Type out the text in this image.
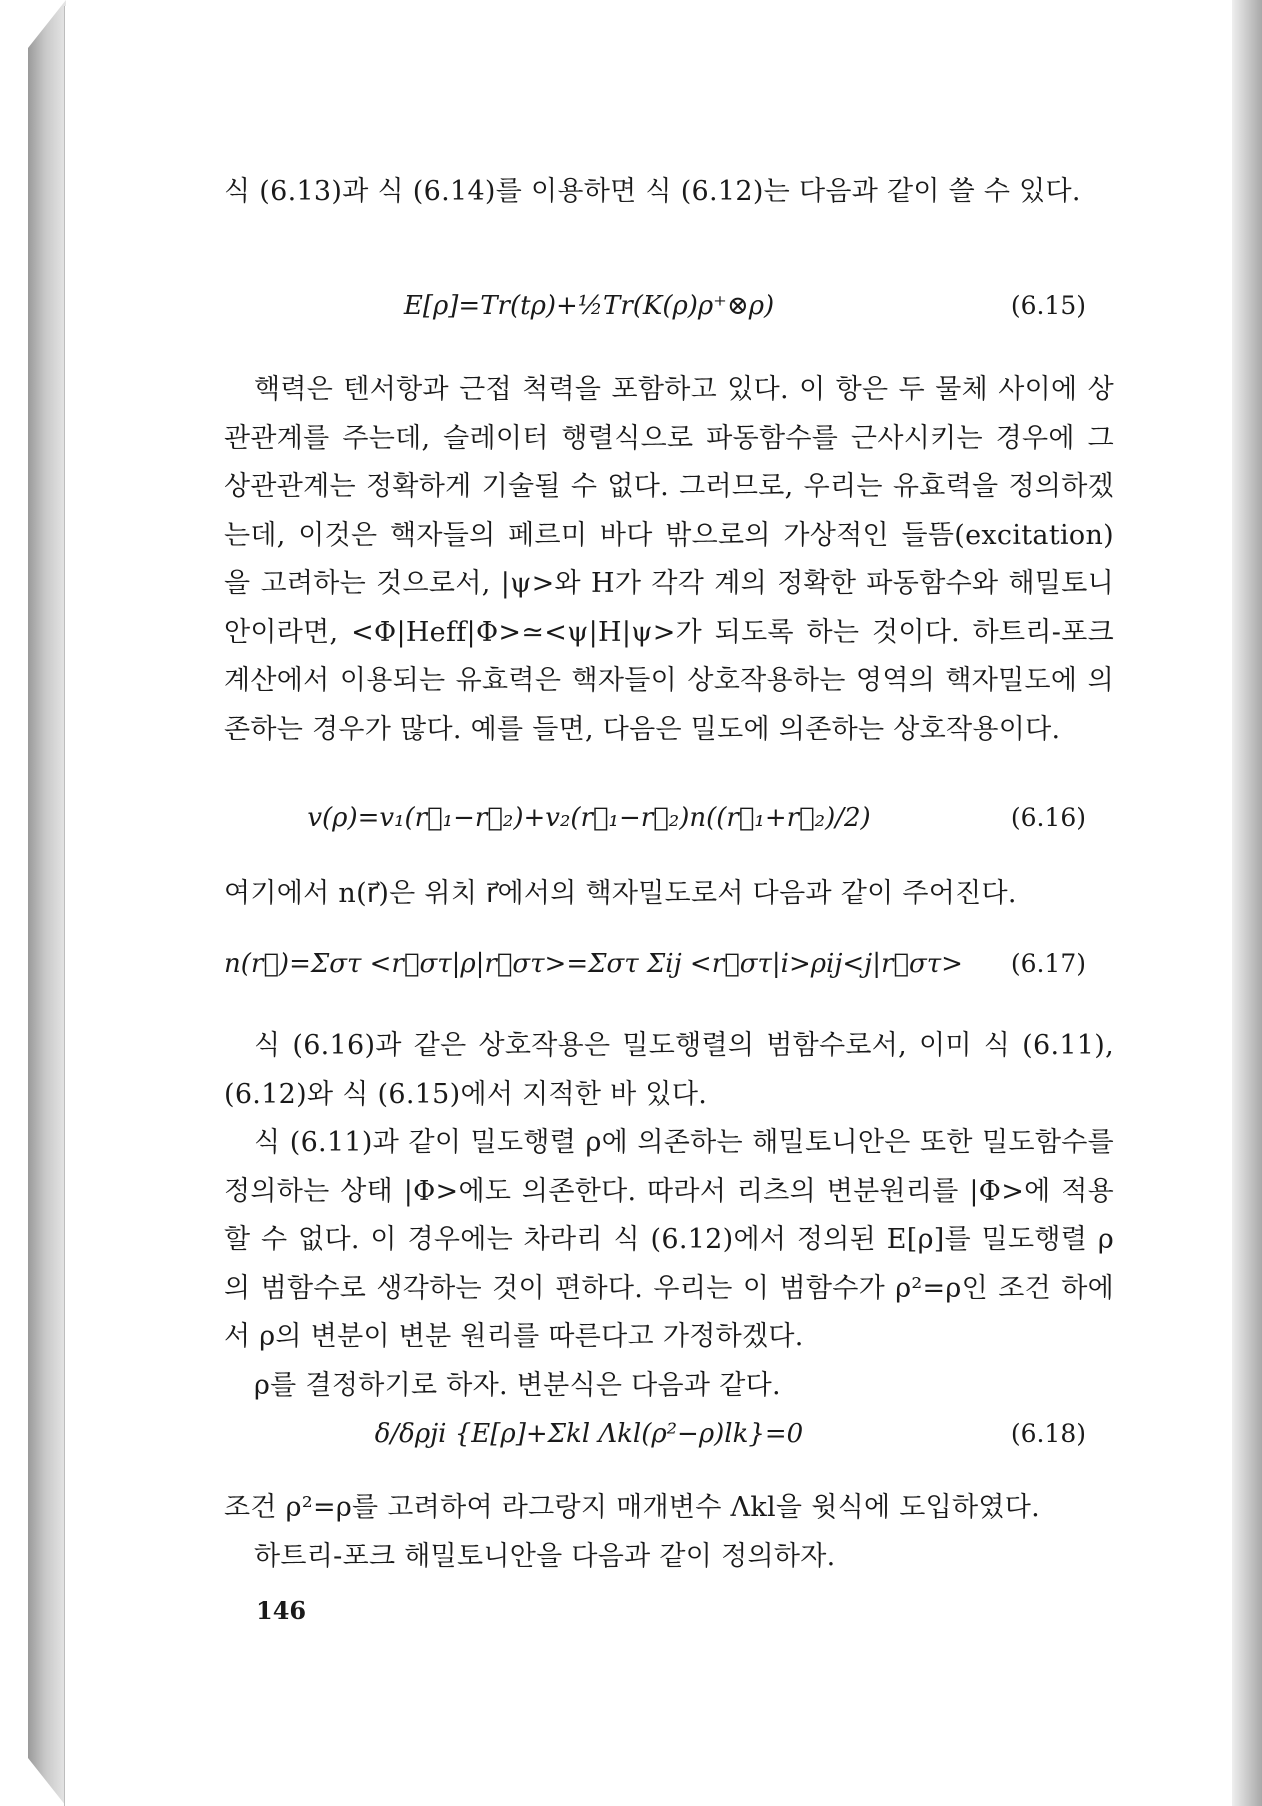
식 (6.13)과 식 (6.14)를 이용하면 식 (6.12)는 다음과 같이 쓸 수 있다.

E[ρ]=Tr(tρ)+½Tr(K(ρ)ρ⁺⊗ρ)	(6.15)

핵력은 텐서항과 근접 척력을 포함하고 있다. 이 항은 두 물체 사이에 상관관계를 주는데, 슬레이터 행렬식으로 파동함수를 근사시키는 경우에 그 상관관계는 정확하게 기술될 수 없다. 그러므로, 우리는 유효력을 정의하겠는데, 이것은 핵자들의 페르미 바다 밖으로의 가상적인 들뜸(excitation)을 고려하는 것으로서, |ψ>와 H가 각각 계의 정확한 파동함수와 해밀토니안이라면, <Φ|Heff|Φ>≃<ψ|H|ψ>가 되도록 하는 것이다. 하트리-포크 계산에서 이용되는 유효력은 핵자들이 상호작용하는 영역의 핵자밀도에 의존하는 경우가 많다. 예를 들면, 다음은 밀도에 의존하는 상호작용이다.

v(ρ)=v₁(r⃗₁−r⃗₂)+v₂(r⃗₁−r⃗₂)n((r⃗₁+r⃗₂)/2)	(6.16)

여기에서 n(r⃗)은 위치 r⃗에서의 핵자밀도로서 다음과 같이 주어진다.

n(r⃗)=Σστ <r⃗στ|ρ|r⃗στ>=Σστ Σij <r⃗στ|i>ρij<j|r⃗στ> (6.17)

식 (6.16)과 같은 상호작용은 밀도행렬의 범함수로서, 이미 식 (6.11), (6.12)와 식 (6.15)에서 지적한 바 있다.

식 (6.11)과 같이 밀도행렬 ρ에 의존하는 해밀토니안은 또한 밀도함수를 정의하는 상태 |Φ>에도 의존한다. 따라서 리츠의 변분원리를 |Φ>에 적용할 수 없다. 이 경우에는 차라리 식 (6.12)에서 정의된 E[ρ]를 밀도행렬 ρ의 범함수로 생각하는 것이 편하다. 우리는 이 범함수가 ρ²=ρ인 조건 하에서 ρ의 변분이 변분 원리를 따른다고 가정하겠다.

ρ를 결정하기로 하자. 변분식은 다음과 같다.

δ/δρji {E[ρ]+Σkl Λkl(ρ²−ρ)lk}=0	(6.18)

조건 ρ²=ρ를 고려하여 라그랑지 매개변수 Λkl을 윗식에 도입하였다.

하트리-포크 해밀토니안을 다음과 같이 정의하자.

146
